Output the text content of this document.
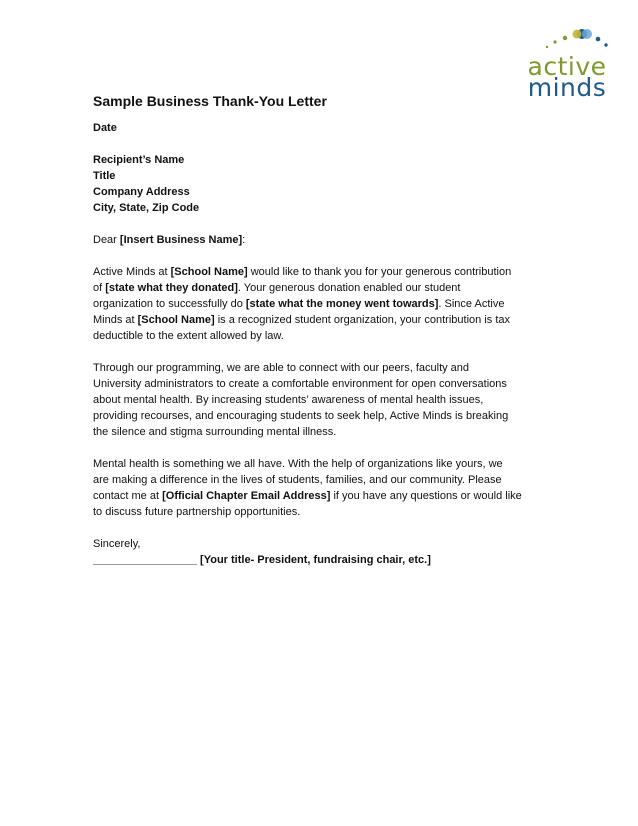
active
minds
Sample Business Thank-You Letter

Date

Recipient’s Name
Title
Company Address
City, State, Zip Code

Dear [Insert Business Name]:

Active Minds at [School Name] would like to thank you for your generous contribution
of [state what they donated]. Your generous donation enabled our student
organization to successfully do [state what the money went towards]. Since Active
Minds at [School Name] is a recognized student organization, your contribution is tax
deductible to the extent allowed by law.
Through our programming, we are able to connect with our peers, faculty and
University administrators to create a comfortable environment for open conversations
about mental health. By increasing students’ awareness of mental health issues,
providing recourses, and encouraging students to seek help, Active Minds is breaking
the silence and stigma surrounding mental illness.
Mental health is something we all have. With the help of organizations like yours, we
are making a difference in the lives of students, families, and our community. Please
contact me at [Official Chapter Email Address] if you have any questions or would like
to discuss future partnership opportunities.

Sincerely,

_________________ [Your title- President, fundraising chair, etc.]
